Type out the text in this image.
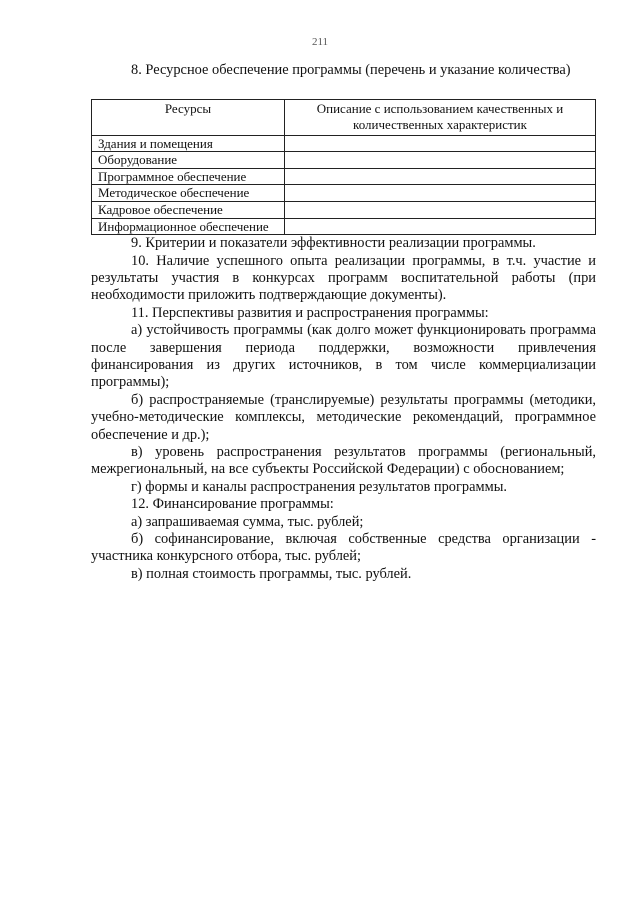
211

8. Ресурсное обеспечение программы (перечень и указание количества)

Ресурсы	Описание с использованием качественных и количественных характеристик
Здания и помещения	
Оборудование	
Программное обеспечение	
Методическое обеспечение	
Кадровое обеспечение	
Информационное обеспечение	

9. Критерии и показатели эффективности реализации программы.

10. Наличие успешного опыта реализации программы, в т.ч. участие и результаты участия в конкурсах программ воспитательной работы (при необходимости приложить подтверждающие документы).

11. Перспективы развития и распространения программы:

а) устойчивость программы (как долго может функционировать программа после завершения периода поддержки, возможности привлечения финансирования из других источников, в том числе коммерциализации программы);

б) распространяемые (транслируемые) результаты программы (методики, учебно-методические комплексы, методические рекомендаций, программное обеспечение и др.);

в) уровень распространения результатов программы (региональный, межрегиональный, на все субъекты Российской Федерации) с обоснованием;

г) формы и каналы распространения результатов программы.

12. Финансирование программы:

а) запрашиваемая сумма, тыс. рублей;

б) софинансирование, включая собственные средства организации - участника конкурсного отбора, тыс. рублей;

в) полная стоимость программы, тыс. рублей.
